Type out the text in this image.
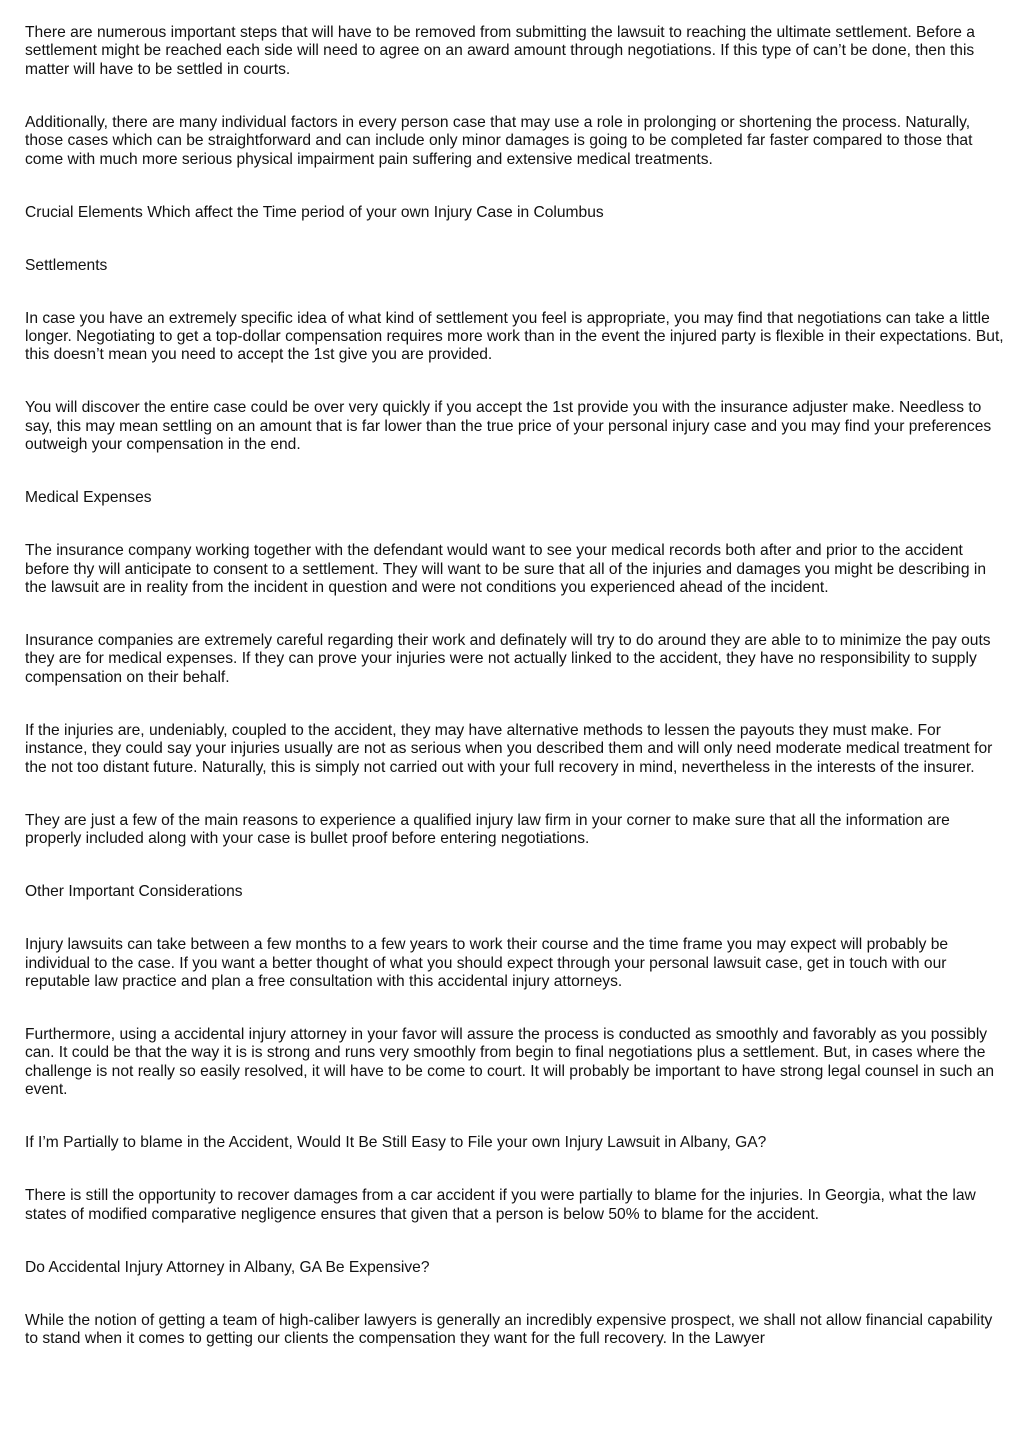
There are numerous important steps that will have to be removed from submitting the lawsuit to reaching the ultimate settlement. Before a settlement might be reached each side will need to agree on an award amount through negotiations. If this type of can’t be done, then this matter will have to be settled in courts.

Additionally, there are many individual factors in every person case that may use a role in prolonging or shortening the process. Naturally, those cases which can be straightforward and can include only minor damages is going to be completed far faster compared to those that come with much more serious physical impairment pain suffering and extensive medical treatments.

Crucial Elements Which affect the Time period of your own Injury Case in Columbus

Settlements

In case you have an extremely specific idea of what kind of settlement you feel is appropriate, you may find that negotiations can take a little longer. Negotiating to get a top-dollar compensation requires more work than in the event the injured party is flexible in their expectations. But, this doesn’t mean you need to accept the 1st give you are provided.

You will discover the entire case could be over very quickly if you accept the 1st provide you with the insurance adjuster make. Needless to say, this may mean settling on an amount that is far lower than the true price of your personal injury case and you may find your preferences outweigh your compensation in the end.

Medical Expenses

The insurance company working together with the defendant would want to see your medical records both after and prior to the accident before thy will anticipate to consent to a settlement. They will want to be sure that all of the injuries and damages you might be describing in the lawsuit are in reality from the incident in question and were not conditions you experienced ahead of the incident.

Insurance companies are extremely careful regarding their work and definately will try to do around they are able to to minimize the pay outs they are for medical expenses. If they can prove your injuries were not actually linked to the accident, they have no responsibility to supply compensation on their behalf.

If the injuries are, undeniably, coupled to the accident, they may have alternative methods to lessen the payouts they must make. For instance, they could say your injuries usually are not as serious when you described them and will only need moderate medical treatment for the not too distant future. Naturally, this is simply not carried out with your full recovery in mind, nevertheless in the interests of the insurer.

They are just a few of the main reasons to experience a qualified injury law firm in your corner to make sure that all the information are properly included along with your case is bullet proof before entering negotiations.

Other Important Considerations

Injury lawsuits can take between a few months to a few years to work their course and the time frame you may expect will probably be individual to the case. If you want a better thought of what you should expect through your personal lawsuit case, get in touch with our reputable law practice and plan a free consultation with this accidental injury attorneys.

Furthermore, using a accidental injury attorney in your favor will assure the process is conducted as smoothly and favorably as you possibly can. It could be that the way it is is strong and runs very smoothly from begin to final negotiations plus a settlement. But, in cases where the challenge is not really so easily resolved, it will have to be come to court. It will probably be important to have strong legal counsel in such an event.

If I’m Partially to blame in the Accident, Would It Be Still Easy to File your own Injury Lawsuit in Albany, GA?

There is still the opportunity to recover damages from a car accident if you were partially to blame for the injuries. In Georgia, what the law states of modified comparative negligence ensures that given that a person is below 50% to blame for the accident.

Do Accidental Injury Attorney in Albany, GA Be Expensive?

While the notion of getting a team of high-caliber lawyers is generally an incredibly expensive prospect, we shall not allow financial capability to stand when it comes to getting our clients the compensation they want for the full recovery. In the Lawyer
